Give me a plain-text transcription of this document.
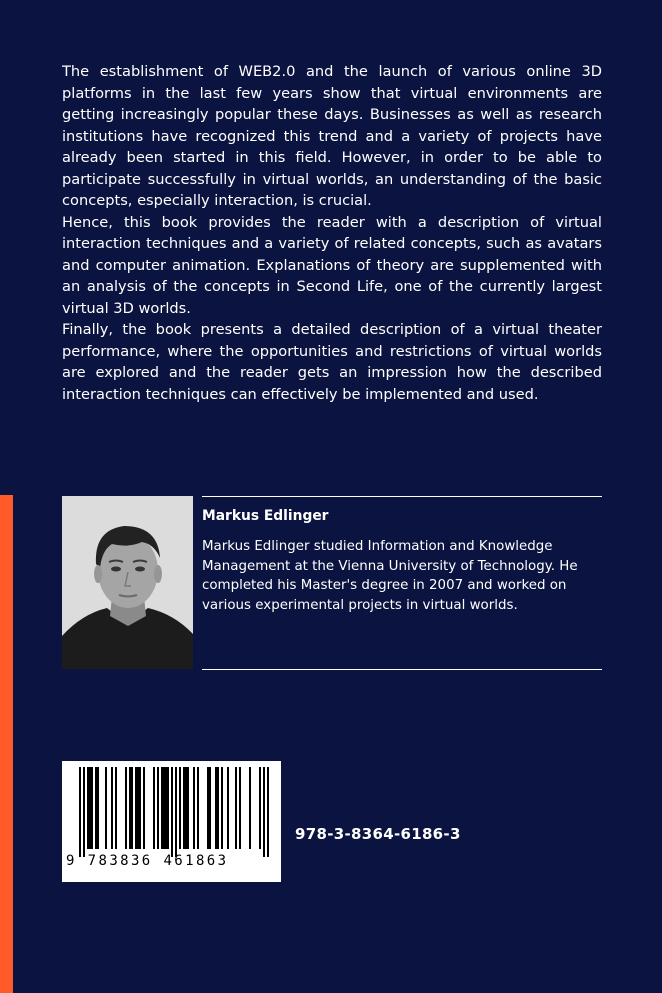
The establishment of WEB2.0 and the launch of various online 3D platforms in the last few years show that virtual environments are getting increasingly popular these days. Businesses as well as research institutions have recognized this trend and a variety of projects have already been started in this field. However, in order to be able to participate successfully in virtual worlds, an understanding of the basic concepts, especially interaction, is crucial.

Hence, this book provides the reader with a description of virtual interaction techniques and a variety of related concepts, such as avatars and computer animation. Explanations of theory are supplemented with an analysis of the concepts in Second Life, one of the currently largest virtual 3D worlds.

Finally, the book presents a detailed description of a virtual theater performance, where the opportunities and restrictions of virtual worlds are explored and the reader gets an impression how the described interaction techniques can effectively be implemented and used.

Markus Edlinger
Markus Edlinger studied Information and Knowledge Management at the Vienna University of Technology. He completed his Master's degree in 2007 and worked on various experimental projects in virtual worlds.
9 783836 461863
978-3-8364-6186-3
